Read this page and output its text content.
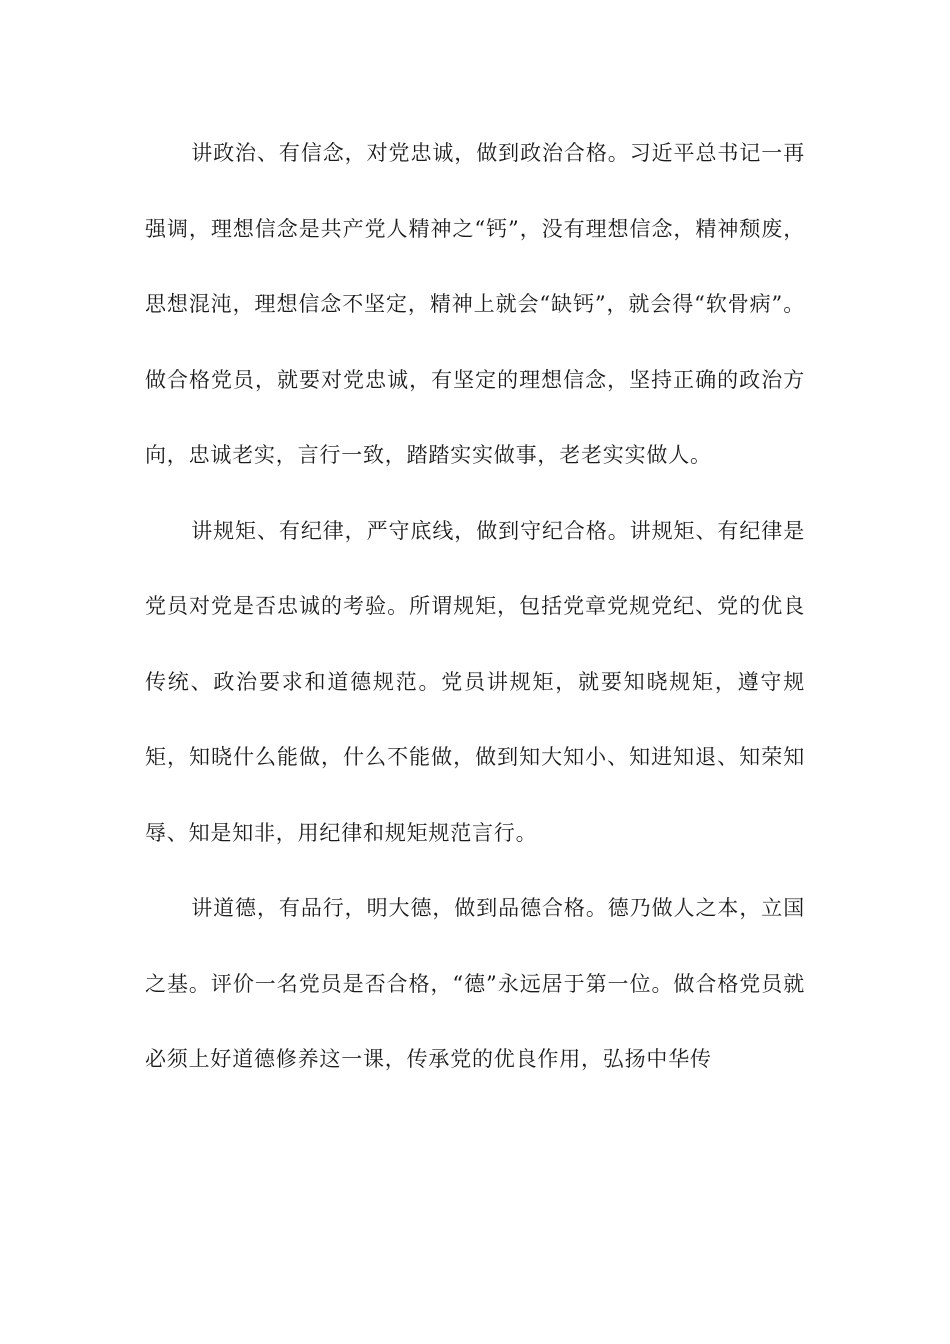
讲政治、有信念，对党忠诚，做到政治合格。习近平总书记一再强调，理想信念是共产党人精神之“钙”，没有理想信念，精神颓废，思想混沌，理想信念不坚定，精神上就会“缺钙”，就会得“软骨病”。做合格党员，就要对党忠诚，有坚定的理想信念，坚持正确的政治方向，忠诚老实，言行一致，踏踏实实做事，老老实实做人。

讲规矩、有纪律，严守底线，做到守纪合格。讲规矩、有纪律是党员对党是否忠诚的考验。所谓规矩，包括党章党规党纪、党的优良传统、政治要求和道德规范。党员讲规矩，就要知晓规矩，遵守规矩，知晓什么能做，什么不能做，做到知大知小、知进知退、知荣知辱、知是知非，用纪律和规矩规范言行。

讲道德，有品行，明大德，做到品德合格。德乃做人之本，立国之基。评价一名党员是否合格，“德”永远居于第一位。做合格党员就必须上好道德修养这一课，传承党的优良作用，弘扬中华传
